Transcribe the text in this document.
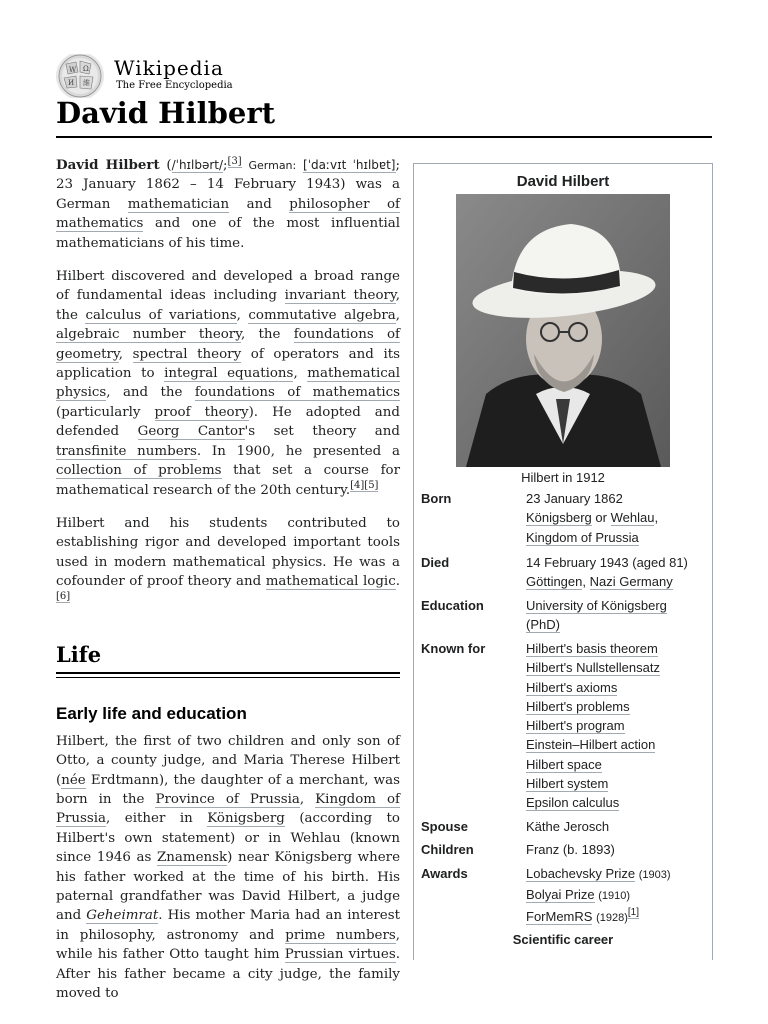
W Ω
И 維
Wikipedia
The Free Encyclopedia
David Hilbert

David Hilbert (/ˈhɪlbərt/;[3] German: [ˈdaːvɪt ˈhɪlbɐt]; 23 January 1862 – 14 February 1943) was a German mathematician and philosopher of mathematics and one of the most influential mathematicians of his time.

Hilbert discovered and developed a broad range of fundamental ideas including invariant theory, the calculus of variations, commutative algebra, algebraic number theory, the foundations of geometry, spectral theory of operators and its application to integral equations, mathematical physics, and the foundations of mathematics (particularly proof theory). He adopted and defended Georg Cantor's set theory and transfinite numbers. In 1900, he presented a collection of problems that set a course for mathematical research of the 20th century.[4][5]

Hilbert and his students contributed to establishing rigor and developed important tools used in modern mathematical physics. He was a cofounder of proof theory and mathematical logic.[6]

Life
Early life and education

Hilbert, the first of two children and only son of Otto, a county judge, and Maria Therese Hilbert (née Erdtmann), the daughter of a merchant, was born in the Province of Prussia, Kingdom of Prussia, either in Königsberg (according to Hilbert's own statement) or in Wehlau (known since 1946 as Znamensk) near Königsberg where his father worked at the time of his birth. His paternal grandfather was David Hilbert, a judge and Geheimrat. His mother Maria had an interest in philosophy, astronomy and prime numbers, while his father Otto taught him Prussian virtues. After his father became a city judge, the family moved to

David Hilbert
Hilbert in 1912
Born	23 January 1862
Königsberg or Wehlau,
Kingdom of Prussia
Died	14 February 1943 (aged 81)
Göttingen, Nazi Germany
Education	University of Königsberg
(PhD)
Known for	Hilbert's basis theorem
Hilbert's Nullstellensatz
Hilbert's axioms
Hilbert's problems
Hilbert's program
Einstein–Hilbert action
Hilbert space
Hilbert system
Epsilon calculus
Spouse	Käthe Jerosch
Children	Franz (b. 1893)
Awards	Lobachevsky Prize (1903)
Bolyai Prize (1910)
ForMemRS (1928)[1]
Scientific career
